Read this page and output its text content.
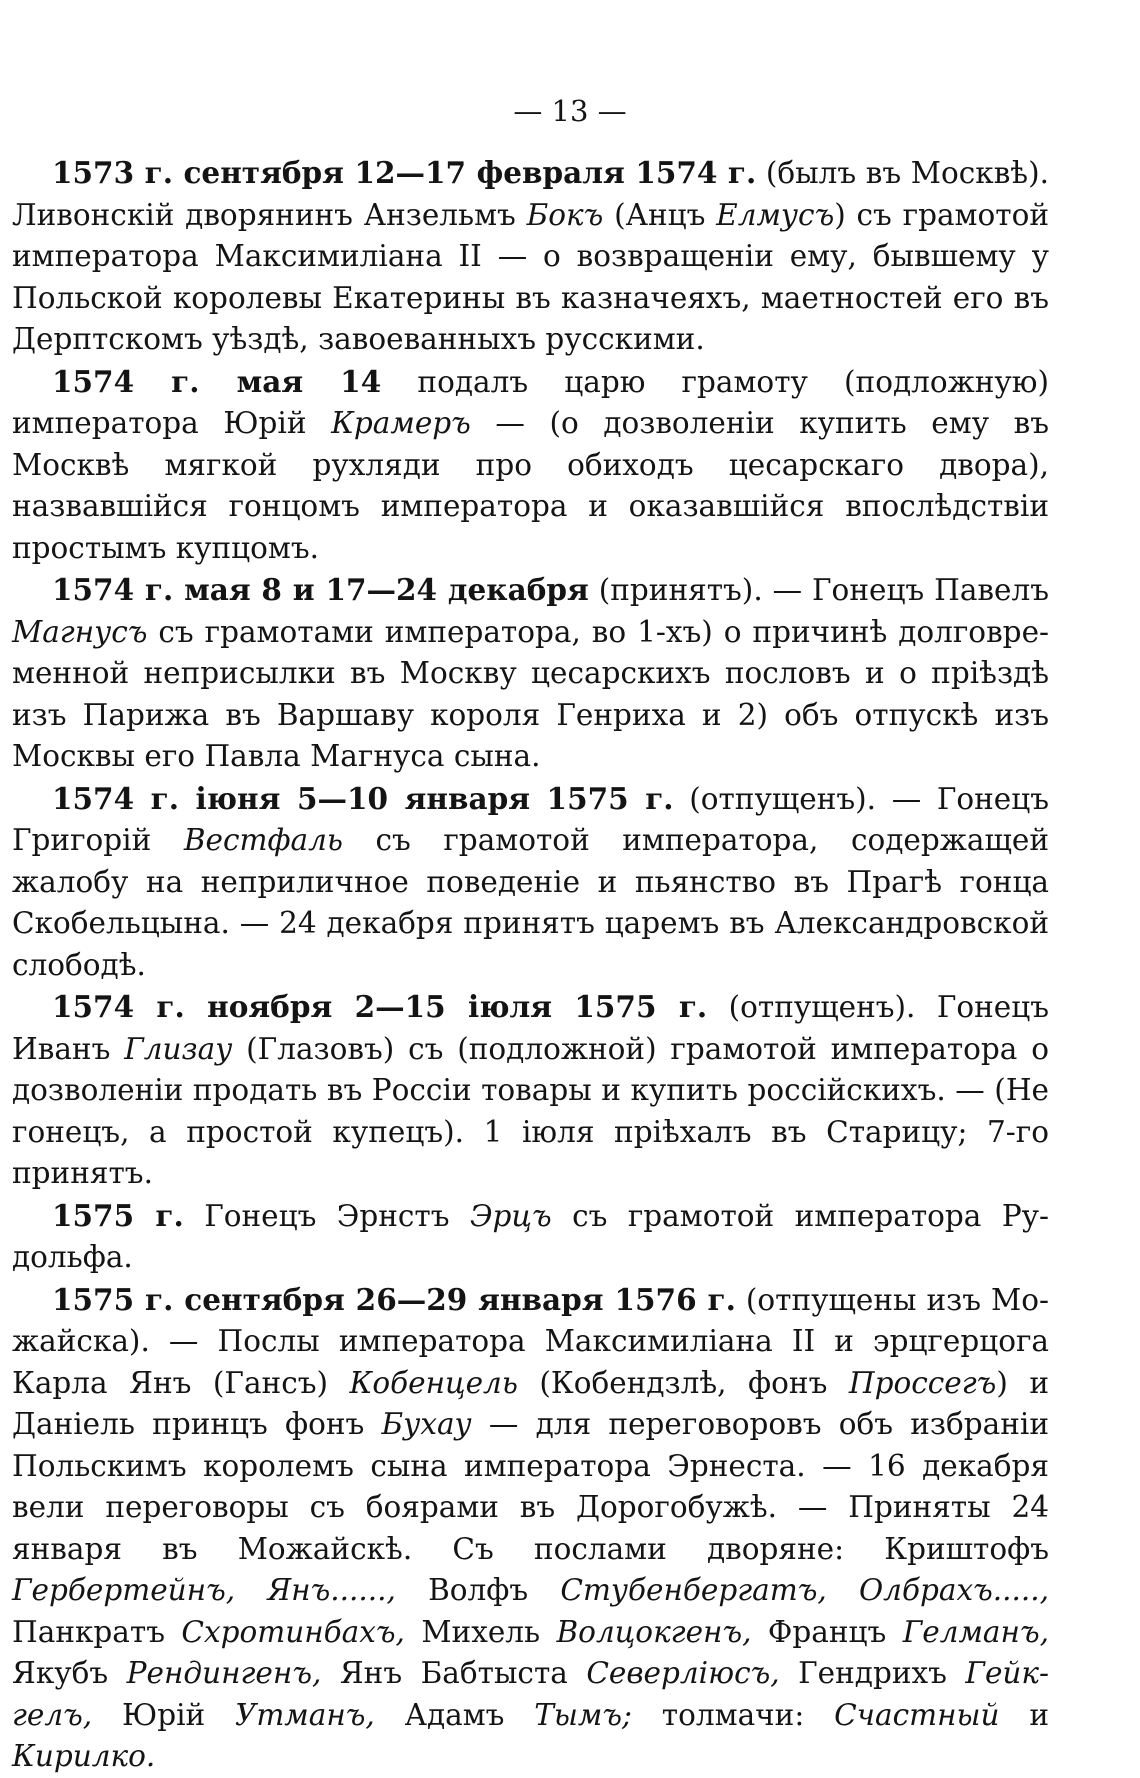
— 13 —

1573 г. сентября 12—17 февраля 1574 г. (былъ въ Москвѣ). Ливонскій дворянинъ Анзельмъ Бокъ (Анцъ Елмусъ) съ грамотой императора Максимиліана II — о возвращеніи ему, бывшему у Польской королевы Екатерины въ казначеяхъ, маетностей его въ Дерптскомъ уѣздѣ, завоеванныхъ русскими.

1574 г. мая 14 подалъ царю грамоту (подложную) императора Юрій Крамеръ — (о дозволеніи купить ему въ Москвѣ мягкой рухляди про обиходъ цесарскаго двора), назвавшійся гонцомъ императора и оказавшійся впослѣдствіи простымъ купцомъ.

1574 г. мая 8 и 17—24 декабря (принятъ). — Гонецъ Павелъ Магнусъ съ грамотами императора, во 1-хъ) о причинѣ долговременной неприсылки въ Москву цесарскихъ пословъ и о пріѣздѣ изъ Парижа въ Варшаву короля Генриха и 2) объ отпускѣ изъ Москвы его Павла Магнуса сына.

1574 г. іюня 5—10 января 1575 г. (отпущенъ). — Гонецъ Григорій Вестфаль съ грамотой императора, содержащей жалобу на неприличное поведеніе и пьянство въ Прагѣ гонца Скобельцына. — 24 декабря принятъ царемъ въ Александровской слободѣ.

1574 г. ноября 2—15 іюля 1575 г. (отпущенъ). Гонецъ Иванъ Глизау (Глазовъ) съ (подложной) грамотой императора о дозволеніи продать въ Россіи товары и купить россійскихъ. — (Не гонецъ, а простой купецъ). 1 іюля пріѣхалъ въ Старицу; 7-го принятъ.

1575 г. Гонецъ Эрнстъ Эрцъ съ грамотой императора Рудольфа.

1575 г. сентября 26—29 января 1576 г. (отпущены изъ Можайска). — Послы императора Максимиліана II и эрцгерцога Карла Янъ (Гансъ) Кобенцель (Кобендзлѣ, фонъ Проссегъ) и Даніель принцъ фонъ Бухау — для переговоровъ объ избраніи Польскимъ королемъ сына императора Эрнеста. — 16 декабря вели переговоры съ боярами въ Дорогобужѣ. — Приняты 24 января въ Можайскѣ. Съ послами дворяне: Криштофъ Гербертейнъ, Янъ......, Волфъ Стубенбергатъ, Олбрахъ....., Панкратъ Схротинбахъ, Михель Волцокгенъ, Францъ Гелманъ, Якубъ Рендингенъ, Янъ Бабтыста Северліюсъ, Гендрихъ Гейкгелъ, Юрій Утманъ, Адамъ Тымъ; толмачи: Счастный и Кирилко.
